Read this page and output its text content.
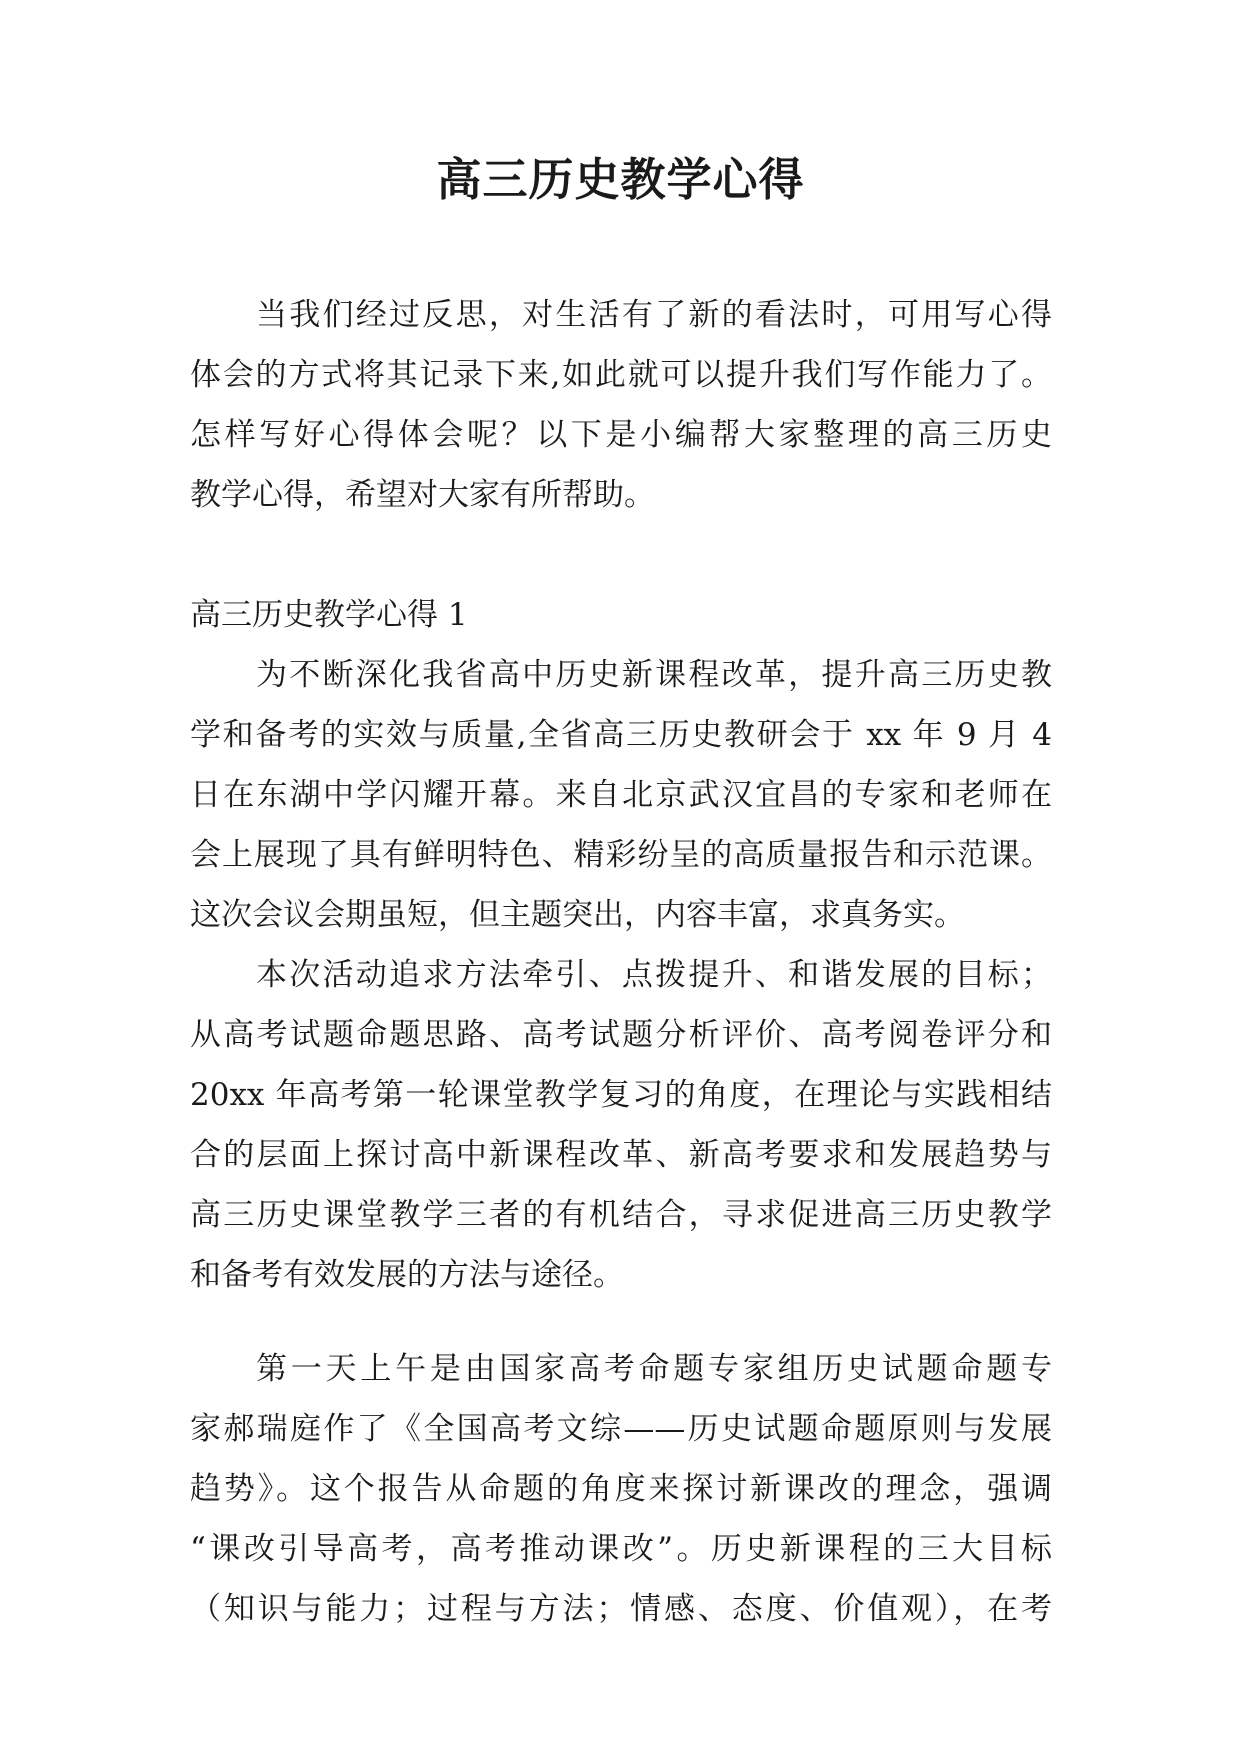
高三历史教学心得
当我们经过反思，对生活有了新的看法时，可用写心得
体会的方式将其记录下来,如此就可以提升我们写作能力了。
怎样写好心得体会呢？以下是小编帮大家整理的高三历史
教学心得，希望对大家有所帮助。
高三历史教学心得 1
为不断深化我省高中历史新课程改革，提升高三历史教
学和备考的实效与质量,全省高三历史教研会于 xx 年 9 月 4
日在东湖中学闪耀开幕。来自北京武汉宜昌的专家和老师在
会上展现了具有鲜明特色、精彩纷呈的高质量报告和示范课。
这次会议会期虽短，但主题突出，内容丰富，求真务实。
本次活动追求方法牵引、点拨提升、和谐发展的目标；
从高考试题命题思路、高考试题分析评价、高考阅卷评分和
20xx 年高考第一轮课堂教学复习的角度，在理论与实践相结
合的层面上探讨高中新课程改革、新高考要求和发展趋势与
高三历史课堂教学三者的有机结合，寻求促进高三历史教学
和备考有效发展的方法与途径。
第一天上午是由国家高考命题专家组历史试题命题专
家郝瑞庭作了《全国高考文综——历史试题命题原则与发展
趋势》。这个报告从命题的角度来探讨新课改的理念，强调
“课改引导高考，高考推动课改”。历史新课程的三大目标
（知识与能力；过程与方法；情感、态度、价值观），在考
